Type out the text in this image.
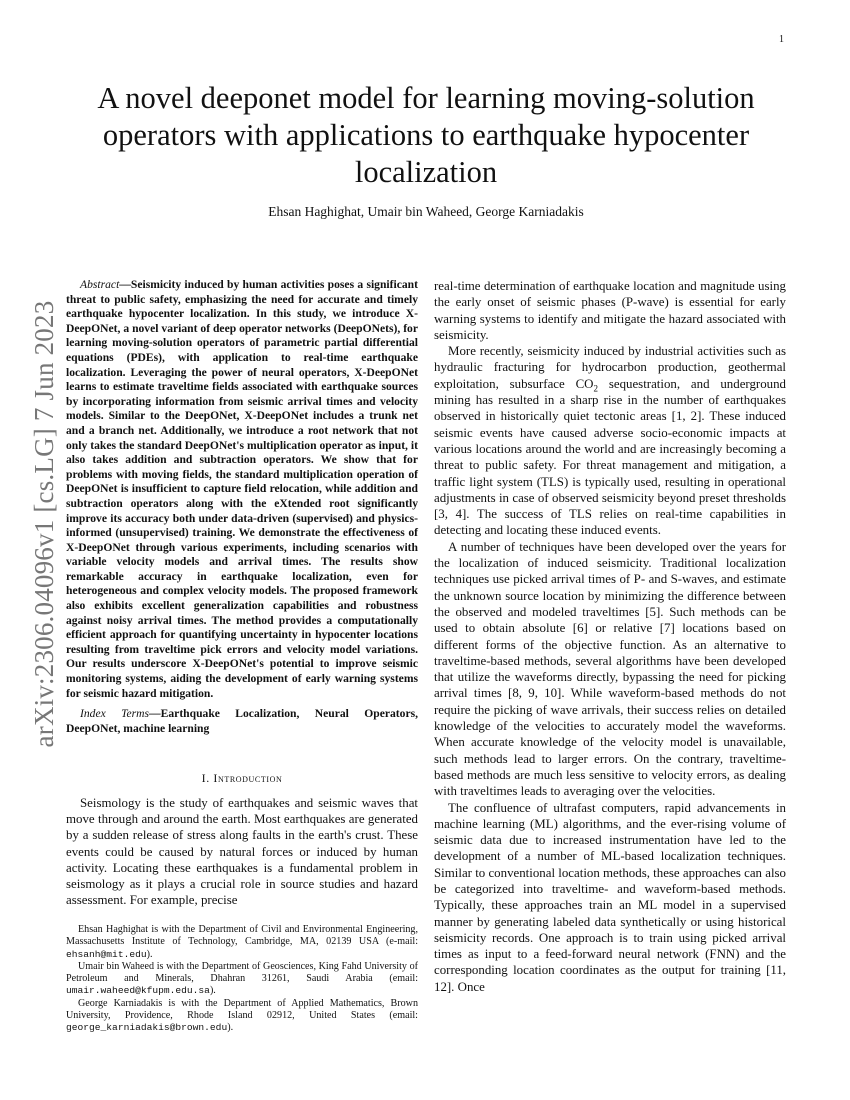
1
arXiv:2306.04096v1 [cs.LG] 7 Jun 2023
A novel deeponet model for learning moving-solution operators with applications to earthquake hypocenter localization
Ehsan Haghighat, Umair bin Waheed, George Karniadakis

Abstract—Seismicity induced by human activities poses a significant threat to public safety, emphasizing the need for accurate and timely earthquake hypocenter localization. In this study, we introduce X-DeepONet, a novel variant of deep operator networks (DeepONets), for learning moving-solution operators of parametric partial differential equations (PDEs), with application to real-time earthquake localization. Leveraging the power of neural operators, X-DeepONet learns to estimate traveltime fields associated with earthquake sources by incorporating information from seismic arrival times and velocity models. Similar to the DeepONet, X-DeepONet includes a trunk net and a branch net. Additionally, we introduce a root network that not only takes the standard DeepONet's multiplication operator as input, it also takes addition and subtraction operators. We show that for problems with moving fields, the standard multiplication operation of DeepONet is insufficient to capture field relocation, while addition and subtraction operators along with the eXtended root significantly improve its accuracy both under data-driven (supervised) and physics-informed (unsupervised) training. We demonstrate the effectiveness of X-DeepONet through various experiments, including scenarios with variable velocity models and arrival times. The results show remarkable accuracy in earthquake localization, even for heterogeneous and complex velocity models. The proposed framework also exhibits excellent generalization capabilities and robustness against noisy arrival times. The method provides a computationally efficient approach for quantifying uncertainty in hypocenter locations resulting from traveltime pick errors and velocity model variations. Our results underscore X-DeepONet's potential to improve seismic monitoring systems, aiding the development of early warning systems for seismic hazard mitigation.

Index Terms—Earthquake Localization, Neural Operators, DeepONet, machine learning

I. Introduction

Seismology is the study of earthquakes and seismic waves that move through and around the earth. Most earthquakes are generated by a sudden release of stress along faults in the earth's crust. These events could be caused by natural forces or induced by human activity. Locating these earthquakes is a fundamental problem in seismology as it plays a crucial role in source studies and hazard assessment. For example, precise

Ehsan Haghighat is with the Department of Civil and Environmental Engineering, Massachusetts Institute of Technology, Cambridge, MA, 02139 USA (e-mail: ehsanh@mit.edu).

Umair bin Waheed is with the Department of Geosciences, King Fahd University of Petroleum and Minerals, Dhahran 31261, Saudi Arabia (email: umair.waheed@kfupm.edu.sa).

George Karniadakis is with the Department of Applied Mathematics, Brown University, Providence, Rhode Island 02912, United States (email: george_karniadakis@brown.edu).

real-time determination of earthquake location and magnitude using the early onset of seismic phases (P-wave) is essential for early warning systems to identify and mitigate the hazard associated with seismicity.

More recently, seismicity induced by industrial activities such as hydraulic fracturing for hydrocarbon production, geothermal exploitation, subsurface $CO_2$ sequestration, and underground mining has resulted in a sharp rise in the number of earthquakes observed in historically quiet tectonic areas [1, 2]. These induced seismic events have caused adverse socio-economic impacts at various locations around the world and are increasingly becoming a threat to public safety. For threat management and mitigation, a traffic light system (TLS) is typically used, resulting in operational adjustments in case of observed seismicity beyond preset thresholds [3, 4]. The success of TLS relies on real-time capabilities in detecting and locating these induced events.

A number of techniques have been developed over the years for the localization of induced seismicity. Traditional localization techniques use picked arrival times of P- and S-waves, and estimate the unknown source location by minimizing the difference between the observed and modeled traveltimes [5]. Such methods can be used to obtain absolute [6] or relative [7] locations based on different forms of the objective function. As an alternative to traveltime-based methods, several algorithms have been developed that utilize the waveforms directly, bypassing the need for picking arrival times [8, 9, 10]. While waveform-based methods do not require the picking of wave arrivals, their success relies on detailed knowledge of the velocities to accurately model the waveforms. When accurate knowledge of the velocity model is unavailable, such methods lead to larger errors. On the contrary, traveltime-based methods are much less sensitive to velocity errors, as dealing with traveltimes leads to averaging over the velocities.

The confluence of ultrafast computers, rapid advancements in machine learning (ML) algorithms, and the ever-rising volume of seismic data due to increased instrumentation have led to the development of a number of ML-based localization techniques. Similar to conventional location methods, these approaches can also be categorized into traveltime- and waveform-based methods. Typically, these approaches train an ML model in a supervised manner by generating labeled data synthetically or using historical seismicity records. One approach is to train using picked arrival times as input to a feed-forward neural network (FNN) and the corresponding location coordinates as the output for training [11, 12]. Once
